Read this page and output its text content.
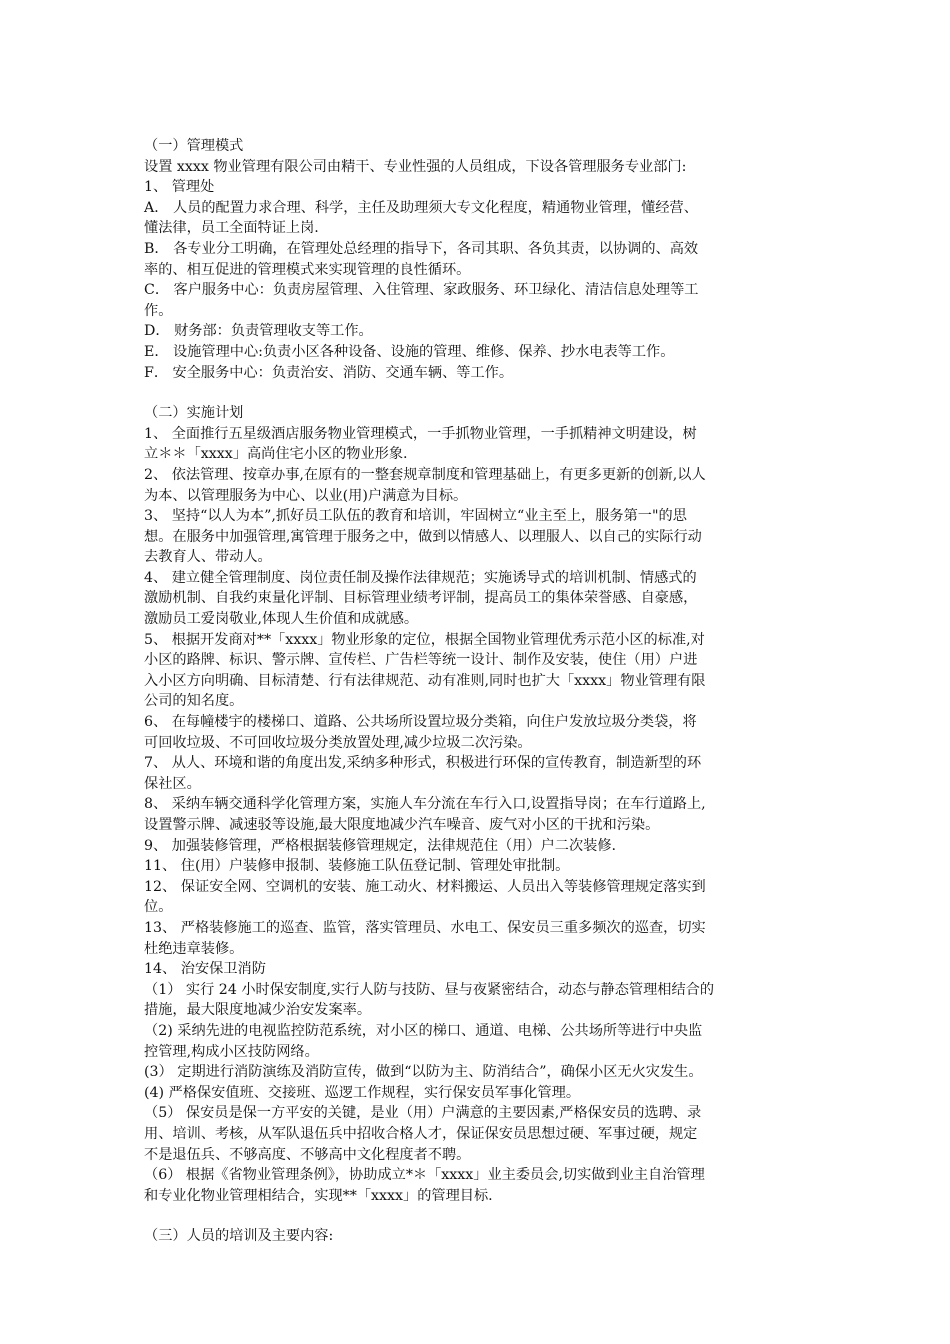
（一）管理模式

设置 xxxx 物业管理有限公司由精干、专业性强的人员组成，下设各管理服务专业部门:

1、 管理处

A． 人员的配置力求合理、科学，主任及助理须大专文化程度，精通物业管理，懂经营、

懂法律，员工全面特证上岗.

B． 各专业分工明确，在管理处总经理的指导下，各司其职、各负其责，以协调的、高效

率的、相互促进的管理模式来实现管理的良性循环。

C． 客户服务中心：负责房屋管理、入住管理、家政服务、环卫绿化、清洁信息处理等工

作。

D． 财务部：负责管理收支等工作。

E． 设施管理中心:负责小区各种设备、设施的管理、维修、保养、抄水电表等工作。

F． 安全服务中心：负责治安、消防、交通车辆、等工作。

（二）实施计划

1、 全面推行五星级酒店服务物业管理模式，一手抓物业管理，一手抓精神文明建设，树

立＊＊「xxxx」高尚住宅小区的物业形象.

2、 依法管理、按章办事,在原有的一整套规章制度和管理基础上，有更多更新的创新,以人

为本、以管理服务为中心、以业(用)户满意为目标。

3、 坚持“以人为本”,抓好员工队伍的教育和培训，牢固树立“业主至上，服务第一"的思

想。在服务中加强管理,寓管理于服务之中，做到以情感人、以理服人、以自己的实际行动

去教育人、带动人。

4、 建立健全管理制度、岗位责任制及操作法律规范；实施诱导式的培训机制、情感式的

激励机制、自我约束量化评制、目标管理业绩考评制，提高员工的集体荣誉感、自豪感，

激励员工爱岗敬业,体现人生价值和成就感。

5、 根据开发商对**「xxxx」物业形象的定位，根据全国物业管理优秀示范小区的标准,对

小区的路牌、标识、警示牌、宣传栏、广告栏等统一设计、制作及安装，使住（用）户进

入小区方向明确、目标清楚、行有法律规范、动有准则,同时也扩大「xxxx」物业管理有限

公司的知名度。

6、 在每幢楼宇的楼梯口、道路、公共场所设置垃圾分类箱，向住户发放垃圾分类袋，将

可回收垃圾、不可回收垃圾分类放置处理,减少垃圾二次污染。

7、 从人、环境和谐的角度出发,采纳多种形式，积极进行环保的宣传教育，制造新型的环

保社区。

8、 采纳车辆交通科学化管理方案，实施人车分流在车行入口,设置指导岗；在车行道路上,

设置警示牌、减速驳等设施,最大限度地减少汽车噪音、废气对小区的干扰和污染。

9、 加强装修管理，严格根据装修管理规定，法律规范住（用）户二次装修.

11、 住(用）户装修申报制、装修施工队伍登记制、管理处审批制。

12、 保证安全网、空调机的安装、施工动火、材料搬运、人员出入等装修管理规定落实到

位。

13、 严格装修施工的巡查、监管，落实管理员、水电工、保安员三重多频次的巡查，切实

杜绝违章装修。

14、 治安保卫消防

（1） 实行 24 小时保安制度,实行人防与技防、昼与夜紧密结合，动态与静态管理相结合的

措施，最大限度地减少治安发案率。

（2) 采纳先进的电视监控防范系统，对小区的梯口、通道、电梯、公共场所等进行中央监

控管理,构成小区技防网络。

(3） 定期进行消防演练及消防宣传，做到“以防为主、防消结合”，确保小区无火灾发生。

(4) 严格保安值班、交接班、巡逻工作规程，实行保安员军事化管理。

（5） 保安员是保一方平安的关键，是业（用）户满意的主要因素,严格保安员的选聘、录

用、培训、考核，从军队退伍兵中招收合格人才，保证保安员思想过硬、军事过硬，规定

不是退伍兵、不够高度、不够高中文化程度者不聘。

（6） 根据《省物业管理条例》，协助成立*＊「xxxx」业主委员会,切实做到业主自治管理

和专业化物业管理相结合，实现**「xxxx」的管理目标.

（三）人员的培训及主要内容:
